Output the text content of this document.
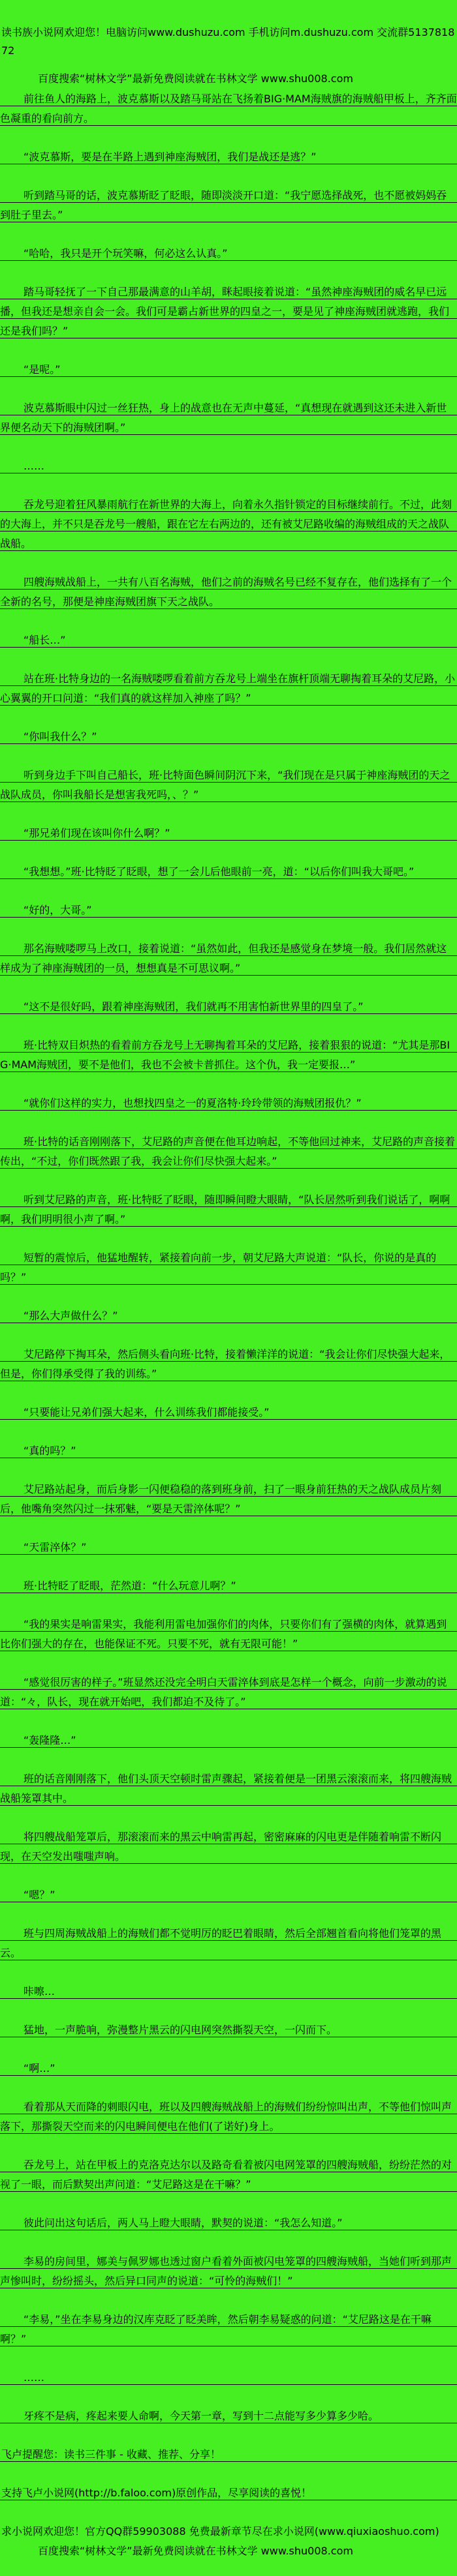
读书族小说网欢迎您！电脑访问www.dushuzu.com 手机访问m.dushuzu.com 交流群513781872

百度搜索“树林文学”最新免费阅读就在书林文学 www.shu008.com

前往鱼人的海路上，波克慕斯以及踏马哥站在飞扬着BIG·MAM海贼旗的海贼船甲板上，齐齐面色凝重的看向前方。

“波克慕斯，要是在半路上遇到神座海贼团，我们是战还是逃？”

听到踏马哥的话，波克慕斯眨了眨眼，随即淡淡开口道：“我宁愿选择战死，也不愿被妈妈吞到肚子里去。”

“哈哈，我只是开个玩笑嘛，何必这么认真。”

踏马哥轻抚了一下自己那最满意的山羊胡，眯起眼接着说道：“虽然神座海贼团的威名早已远播，但我还是想亲自会一会。我们可是霸占新世界的四皇之一，要是见了神座海贼团就逃跑，我们还是我们吗？”

“是呢。”

波克慕斯眼中闪过一丝狂热，身上的战意也在无声中蔓延，“真想现在就遇到这还未进入新世界便名动天下的海贼团啊。”

……

吞龙号迎着狂风暴雨航行在新世界的大海上，向着永久指针锁定的目标继续前行。不过，此刻的大海上，并不只是吞龙号一艘船，跟在它左右两边的，还有被艾尼路收编的海贼组成的天之战队战船。

四艘海贼战船上，一共有八百名海贼，他们之前的海贼名号已经不复存在，他们选择有了一个全新的名号，那便是神座海贼团旗下天之战队。

“船长…”

站在班·比特身边的一名海贼喽啰看着前方吞龙号上端坐在旗杆顶端无聊掏着耳朵的艾尼路，小心翼翼的开口问道：“我们真的就这样加入神座了吗？”

“你叫我什么？”

听到身边手下叫自己船长，班·比特面色瞬间阴沉下来，“我们现在是只属于神座海贼团的天之战队成员，你叫我船长是想害我死吗，、？”

“那兄弟们现在该叫你什么啊？”

“我想想。”班·比特眨了眨眼，想了一会儿后他眼前一亮，道：“以后你们叫我大哥吧。”

“好的，大哥。”

那名海贼喽啰马上改口，接着说道：“虽然如此，但我还是感觉身在梦境一般。我们居然就这样成为了神座海贼团的一员，想想真是不可思议啊。”

“这不是很好吗，跟着神座海贼团，我们就再不用害怕新世界里的四皇了。”

班·比特双目炽热的看着前方吞龙号上无聊掏着耳朵的艾尼路，接着狠狠的说道：“尤其是那BIG·MAM海贼团，要不是他们，我也不会被卡普抓住。这个仇，我一定要报…”

“就你们这样的实力，也想找四皇之一的夏洛特·玲玲带领的海贼团报仇？”

班·比特的话音刚刚落下，艾尼路的声音便在他耳边响起，不等他回过神来，艾尼路的声音接着传出，“不过，你们既然跟了我，我会让你们尽快强大起来。”

听到艾尼路的声音，班·比特眨了眨眼，随即瞬间瞪大眼睛，“队长居然听到我们说话了，啊啊啊，我们明明很小声了啊。”

短暂的震惊后，他猛地醒转，紧接着向前一步，朝艾尼路大声说道：“队长，你说的是真的吗？”

“那么大声做什么？”

艾尼路停下掏耳朵，然后侧头看向班·比特，接着懒洋洋的说道：“我会让你们尽快强大起来，但是，你们得承受得了我的训练。”

“只要能让兄弟们强大起来，什么训练我们都能接受。”

“真的吗？”

艾尼路站起身，而后身影一闪便稳稳的落到班身前，扫了一眼身前狂热的天之战队成员片刻后，他嘴角突然闪过一抹邪魅，“要是天雷淬体呢？”

“天雷淬体？”

班·比特眨了眨眼，茫然道：“什么玩意儿啊？”

“我的果实是响雷果实，我能利用雷电加强你们的肉体，只要你们有了强横的肉体，就算遇到比你们强大的存在，也能保证不死。只要不死，就有无限可能！”

“感觉很厉害的样子。”班显然还没完全明白天雷淬体到底是怎样一个概念，向前一步激动的说道：“々，队长，现在就开始吧，我们都迫不及待了。”

“轰隆隆…”

班的话音刚刚落下，他们头顶天空顿时雷声骤起，紧接着便是一团黑云滚滚而来，将四艘海贼战船笼罩其中。

将四艘战船笼罩后，那滚滚而来的黑云中响雷再起，密密麻麻的闪电更是伴随着响雷不断闪现，在天空发出嗤嗤声响。

“嗯？”

班与四周海贼战船上的海贼们都不觉明厉的眨巴着眼睛，然后全部翘首看向将他们笼罩的黑云。

咔嚓…

猛地，一声脆响，弥漫整片黑云的闪电网突然撕裂天空，一闪而下。

“啊…”

看着那从天而降的刺眼闪电，班以及四艘海贼战船上的海贼们纷纷惊叫出声，不等他们惊叫声落下，那撕裂天空而来的闪电瞬间便电在他们(了诺好)身上。

吞龙号上，站在甲板上的克洛克达尔以及路奇看着被闪电网笼罩的四艘海贼船，纷纷茫然的对视了一眼，而后默契出声问道：“艾尼路这是在干嘛？”

彼此问出这句话后，两人马上瞪大眼睛，默契的说道：“我怎么知道。”

李易的房间里，娜美与佩罗娜也透过窗户看着外面被闪电笼罩的四艘海贼船，当她们听到那声声惨叫时，纷纷摇头，然后异口同声的说道：“可怜的海贼们！”

“李易，”坐在李易身边的汉库克眨了眨美眸，然后朝李易疑惑的问道：“艾尼路这是在干嘛啊？”

……

牙疼不是病，疼起来要人命啊，今天第一章，写到十二点能写多少算多少哈。

飞卢提醒您：读书三件事 - 收藏、推荐、分享！

支持飞卢小说网(http://b.faloo.com)原创作品，尽享阅读的喜悦！

求小说网欢迎您！官方QQ群59903088 免费最新章节尽在求小说网(www.qiuxiaoshuo.com)

百度搜索“树林文学”最新免费阅读就在书林文学 www.shu008.com
